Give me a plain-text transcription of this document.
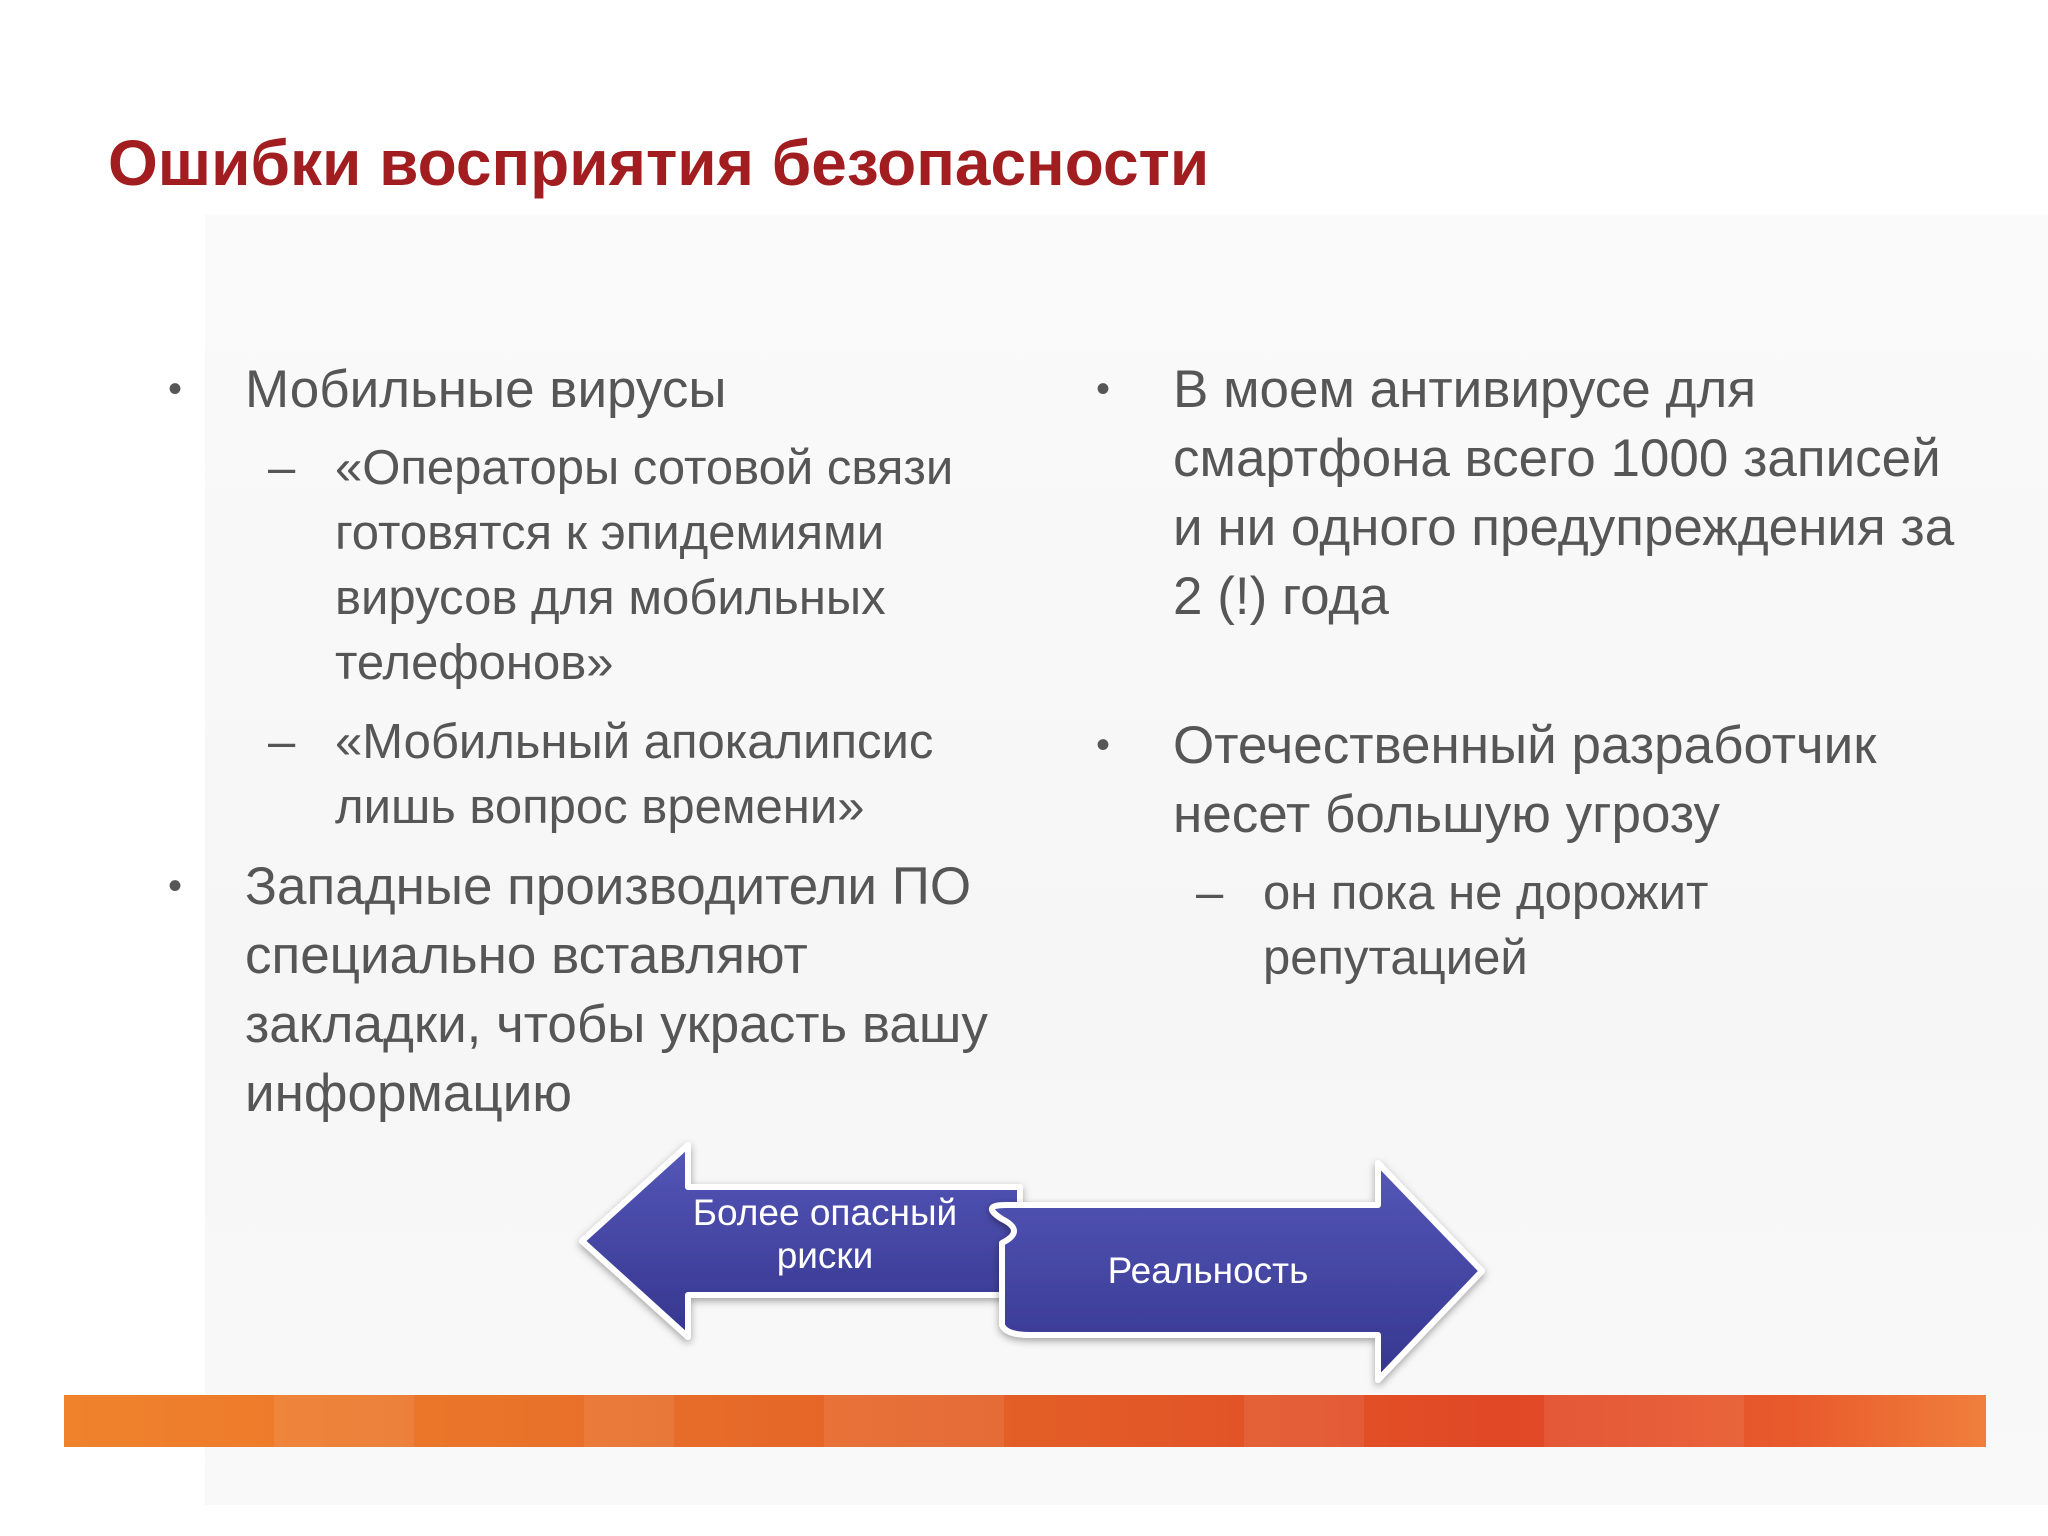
Ошибки восприятия безопасности
• Мобильные вирусы
– «Операторы сотовой связи
готовятся к эпидемиями
вирусов для мобильных
телефонов»
– «Мобильный апокалипсис
лишь вопрос времени»
• Западные производители ПО
специально вставляют
закладки, чтобы украсть вашу
информацию
• В моем антивирусе для
смартфона всего 1000 записей
и ни одного предупреждения за
2 (!) года
• Отечественный разработчик
несет большую угрозу
– он пока не дорожит
репутацией
Более опасный
риски	Реальность
